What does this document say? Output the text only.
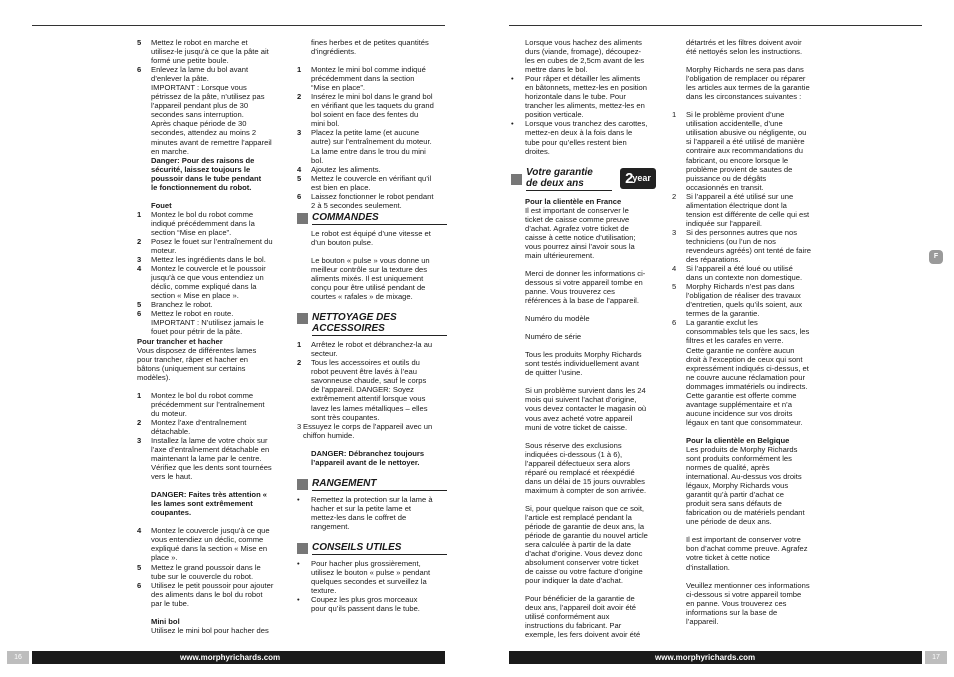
5	Mettez le robot en marche et
utilisez-le jusqu’à ce que la pâte ait
formé une petite boule.
6	Enlevez la lame du bol avant
d’enlever la pâte.
IMPORTANT : Lorsque vous
pétrissez de la pâte, n’utilisez pas
l’appareil pendant plus de 30
secondes sans interruption.
Après chaque période de 30
secondes, attendez au moins 2
minutes avant de remettre l’appareil
en marche.
Danger: Pour des raisons de
sécurité, laissez toujours le
poussoir dans le tube pendant
le fonctionnement du robot.
Fouet
1	Montez le bol du robot comme
indiqué précédemment dans la
section “Mise en place”.
2	Posez le fouet sur l’entraînement du
moteur.
3	Mettez les ingrédients dans le bol.
4	Montez le couvercle et le poussoir
jusqu’à ce que vous entendiez un
déclic, comme expliqué dans la
section « Mise en place ».
5	Branchez le robot.
6	Mettez le robot en route.
IMPORTANT : N’utilisez jamais le
fouet pour pétrir de la pâte.
Pour trancher et hacher
Vous disposez de différentes lames
pour trancher, râper et hacher en
bâtons (uniquement sur certains
modèles).
1	Montez le bol du robot comme
précédemment sur l’entraînement
du moteur.
2	Montez l’axe d’entraînement
détachable.
3	Installez la lame de votre choix sur
l’axe d’entraînement détachable en
maintenant la lame par le centre.
Vérifiez que les dents sont tournées
vers le haut.
DANGER: Faites très attention «
les lames sont extrêmement
coupantes.
4	Montez le couvercle jusqu’à ce que
vous entendiez un déclic, comme
expliqué dans la section « Mise en
place ».
5	Mettez le grand poussoir dans le
tube sur le couvercle du robot.
6	Utilisez le petit poussoir pour ajouter
des aliments dans le bol du robot
par le tube.
Mini bol
Utilisez le mini bol pour hacher des
fines herbes et de petites quantités
d’ingrédients.
1	Montez le mini bol comme indiqué
précédemment dans la section
“Mise en place”.
2	Insérez le mini bol dans le grand bol
en vérifiant que les taquets du grand
bol soient en face des fentes du
mini bol.
3	Placez la petite lame (et aucune
autre) sur l’entraînement du moteur.
La lame entre dans le trou du mini
bol.
4	Ajoutez les aliments.
5	Mettez le couvercle en vérifiant qu’il
est bien en place.
6	Laissez fonctionner le robot pendant
2 à 5 secondes seulement.
COMMANDES
Le robot est équipé d’une vitesse et
d’un bouton pulse.
Le bouton « pulse » vous donne un
meilleur contrôle sur la texture des
aliments mixés. Il est uniquement
conçu pour être utilisé pendant de
courtes « rafales » de mixage.
NETTOYAGE DES
ACCESSOIRES
1	Arrêtez le robot et débranchez-la au
secteur.
2	Tous les accessoires et outils du
robot peuvent être lavés à l’eau
savonneuse chaude, sauf le corps
de l’appareil. DANGER: Soyez
extrêmement attentif lorsque vous
lavez les lames métalliques – elles
sont très coupantes.
3 Essuyez le corps de l’appareil avec un
chiffon humide.
DANGER: Débranchez toujours
l’appareil avant de le nettoyer.
RANGEMENT
•	Remettez la protection sur la lame à
hacher et sur la petite lame et
mettez-les dans le coffret de
rangement.
CONSEILS UTILES
•	Pour hacher plus grossièrement,
utilisez le bouton « pulse » pendant
quelques secondes et surveillez la
texture.
•	Coupez les plus gros morceaux
pour qu’ils passent dans le tube.
Lorsque vous hachez des aliments
durs (viande, fromage), découpez-
les en cubes de 2,5cm avant de les
mettre dans le bol.
•	Pour râper et détailler les aliments
en bâtonnets, mettez-les en position
horizontale dans le tube. Pour
trancher les aliments, mettez-les en
position verticale.
•	Lorsque vous tranchez des carottes,
mettez-en deux à la fois dans le
tube pour qu’elles restent bien
droites.
Votre garantie
de deux ans	2 year
Pour la clientèle en France
Il est important de conserver le
ticket de caisse comme preuve
d’achat. Agrafez votre ticket de
caisse à cette notice d’utilisation;
vous pourrez ainsi l’avoir sous la
main ultérieurement.
Merci de donner les informations ci-
dessous si votre appareil tombe en
panne. Vous trouverez ces
références à la base de l’appareil.
Numéro du modèle
Numéro de série
Tous les produits Morphy Richards
sont testés individuellement avant
de quitter l’usine.
Si un problème survient dans les 24
mois qui suivent l’achat d’origine,
vous devez contacter le magasin où
vous avez acheté votre appareil
muni de votre ticket de caisse.
Sous réserve des exclusions
indiquées ci-dessous (1 à 6),
l’appareil défectueux sera alors
réparé ou remplacé et réexpédié
dans un délai de 15 jours ouvrables
maximum à compter de son arrivée.
Si, pour quelque raison que ce soit,
l’article est remplacé pendant la
période de garantie de deux ans, la
période de garantie du nouvel article
sera calculée à partir de la date
d’achat d’origine. Vous devez donc
absolument conserver votre ticket
de caisse ou votre facture d’origine
pour indiquer la date d’achat.
Pour bénéficier de la garantie de
deux ans, l’appareil doit avoir été
utilisé conformément aux
instructions du fabricant. Par
exemple, les fers doivent avoir été
détartrés et les filtres doivent avoir
été nettoyés selon les instructions.
Morphy Richards ne sera pas dans
l’obligation de remplacer ou réparer
les articles aux termes de la garantie
dans les circonstances suivantes :
1	Si le problème provient d’une
utilisation accidentelle, d’une
utilisation abusive ou négligente, ou
si l’appareil a été utilisé de manière
contraire aux recommandations du
fabricant, ou encore lorsque le
problème provient de sautes de
puissance ou de dégâts
occasionnés en transit.
2	Si l’appareil a été utilisé sur une
alimentation électrique dont la
tension est différente de celle qui est
indiquée sur l’appareil.
3	Si des personnes autres que nos
techniciens (ou l’un de nos
revendeurs agréés) ont tenté de faire
des réparations.
4	Si l’appareil a été loué ou utilisé
dans un contexte non domestique.
5	Morphy Richards n’est pas dans
l’obligation de réaliser des travaux
d’entretien, quels qu’ils soient, aux
termes de la garantie.
6	La garantie exclut les
consommables tels que les sacs, les
filtres et les carafes en verre.
Cette garantie ne confère aucun
droit à l’exception de ceux qui sont
expressément indiqués ci-dessus, et
ne couvre aucune réclamation pour
dommages immatériels ou indirects.
Cette garantie est offerte comme
avantage supplémentaire et n’a
aucune incidence sur vos droits
légaux en tant que consommateur.
Pour la clientèle en Belgique
Les produits de Morphy Richards
sont produits conformément les
normes de qualité, après
international. Au-dessus vos droits
légaux, Morphy Richards vous
garantit qu’à partir d’achat ce
produit sera sans défauts de
fabrication ou de matériels pendant
une période de deux ans.
Il est important de conserver votre
bon d’achat comme preuve. Agrafez
votre ticket à cette notice
d’installation.
Veuillez mentionner ces informations
ci-dessous si votre appareil tombe
en panne. Vous trouverez ces
informations sur la base de
l’appareil.
16	www.morphyrichards.com	www.morphyrichards.com	17
F
